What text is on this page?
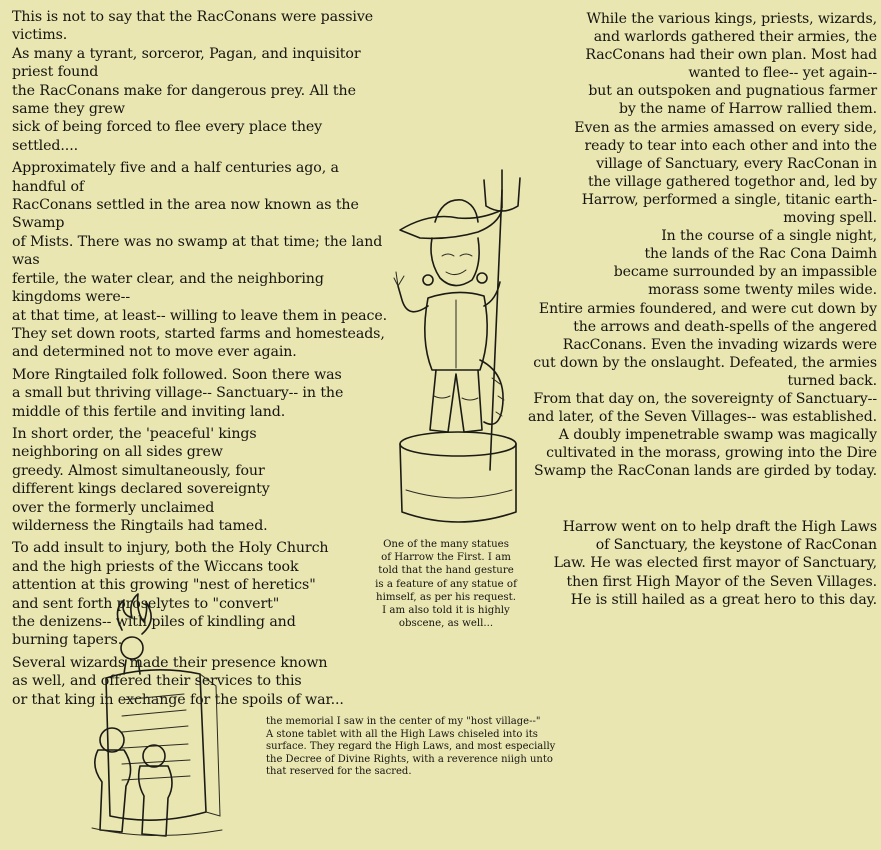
This is not to say that the RacConans were passive victims.
As many a tyrant, sorceror, Pagan, and inquisitor priest found
the RacConans make for dangerous prey. All the same they grew
sick of being forced to flee every place they settled....

Approximately five and a half centuries ago, a handful of
RacConans settled in the area now known as the Swamp
of Mists. There was no swamp at that time; the land was
fertile, the water clear, and the neighboring kingdoms were--
at that time, at least-- willing to leave them in peace.
They set down roots, started farms and homesteads,
and determined not to move ever again.

More Ringtailed folk followed. Soon there was
a small but thriving village-- Sanctuary-- in the
middle of this fertile and inviting land.

In short order, the 'peaceful' kings
neighboring on all sides grew
greedy. Almost simultaneously, four
different kings declared sovereignty
over the formerly unclaimed
wilderness the Ringtails had tamed.

To add insult to injury, both the Holy Church
and the high priests of the Wiccans took
attention at this growing "nest of heretics"
and sent forth proselytes to "convert"
the denizens-- with piles of kindling and
burning tapers.

Several wizards made their presence known
as well, and offered their services to this
or that king in exchange for the spoils of war...

While the various kings, priests, wizards,
and warlords gathered their armies, the
RacConans had their own plan. Most had
wanted to flee-- yet again--
but an outspoken and pugnatious farmer
by the name of Harrow rallied them.
Even as the armies amassed on every side,
ready to tear into each other and into the
village of Sanctuary, every RacConan in
the village gathered togethor and, led by
Harrow, performed a single, titanic earth-
moving spell.
In the course of a single night,
the lands of the Rac Cona Daimh
became surrounded by an impassible
morass some twenty miles wide.
Entire armies foundered, and were cut down by
the arrows and death-spells of the angered
RacConans. Even the invading wizards were
cut down by the onslaught. Defeated, the armies
turned back.
From that day on, the sovereignty of Sanctuary--
and later, of the Seven Villages-- was established.
A doubly impenetrable swamp was magically
cultivated in the morass, growing into the Dire
Swamp the RacConan lands are girded by today.

Harrow went on to help draft the High Laws
of Sanctuary, the keystone of RacConan
Law. He was elected first mayor of Sanctuary,
then first High Mayor of the Seven Villages.
He is still hailed as a great hero to this day.

One of the many statues
of Harrow the First. I am
told that the hand gesture
is a feature of any statue of
himself, as per his request.
I am also told it is highly
obscene, as well...
the memorial I saw in the center of my "host village--"
A stone tablet with all the High Laws chiseled into its
surface. They regard the High Laws, and most especially
the Decree of Divine Rights, with a reverence niigh unto
that reserved for the sacred.
